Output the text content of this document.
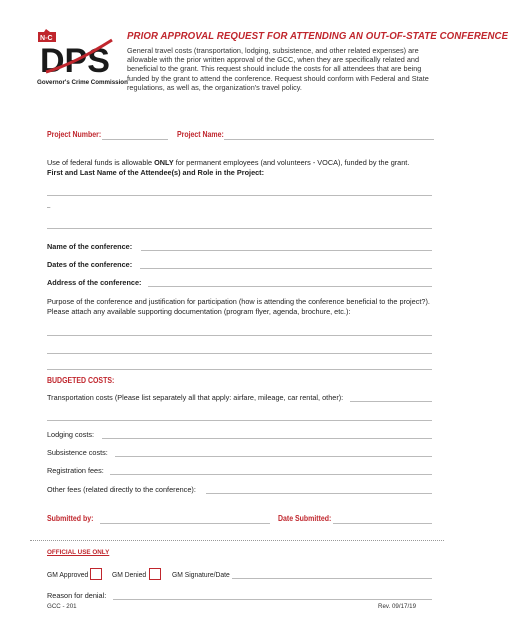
N◦C
DPS
Governor's Crime Commission
PRIOR APPROVAL REQUEST FOR ATTENDING AN OUT-OF-STATE CONFERENCE
General travel costs (transportation, lodging, subsistence, and other related expenses) are allowable with the prior written approval of the GCC, when they are specifically related and beneficial to the grant. This request should include the costs for all attendees that are being funded by the grant to attend the conference. Request should conform with Federal and State regulations, as well as, the organization's travel policy.
Project Number:	Project Name:
Use of federal funds is allowable ONLY for permanent employees (and volunteers - VOCA), funded by the grant.
First and Last Name of the Attendee(s) and Role in the Project:
–
Name of the conference:
Dates of the conference:
Address of the conference:
Purpose of the conference and justification for participation (how is attending the conference beneficial to the project?). Please attach any available supporting documentation (program flyer, agenda, brochure, etc.):
BUDGETED COSTS:
Transportation costs (Please list separately all that apply: airfare, mileage, car rental, other):
Lodging costs:
Subsistence costs:
Registration fees:
Other fees (related directly to the conference):
Submitted by:	Date Submitted:
OFFICIAL USE ONLY
GM Approved	GM Denied	GM Signature/Date
Reason for denial:
GCC - 201	Rev. 09/17/19
